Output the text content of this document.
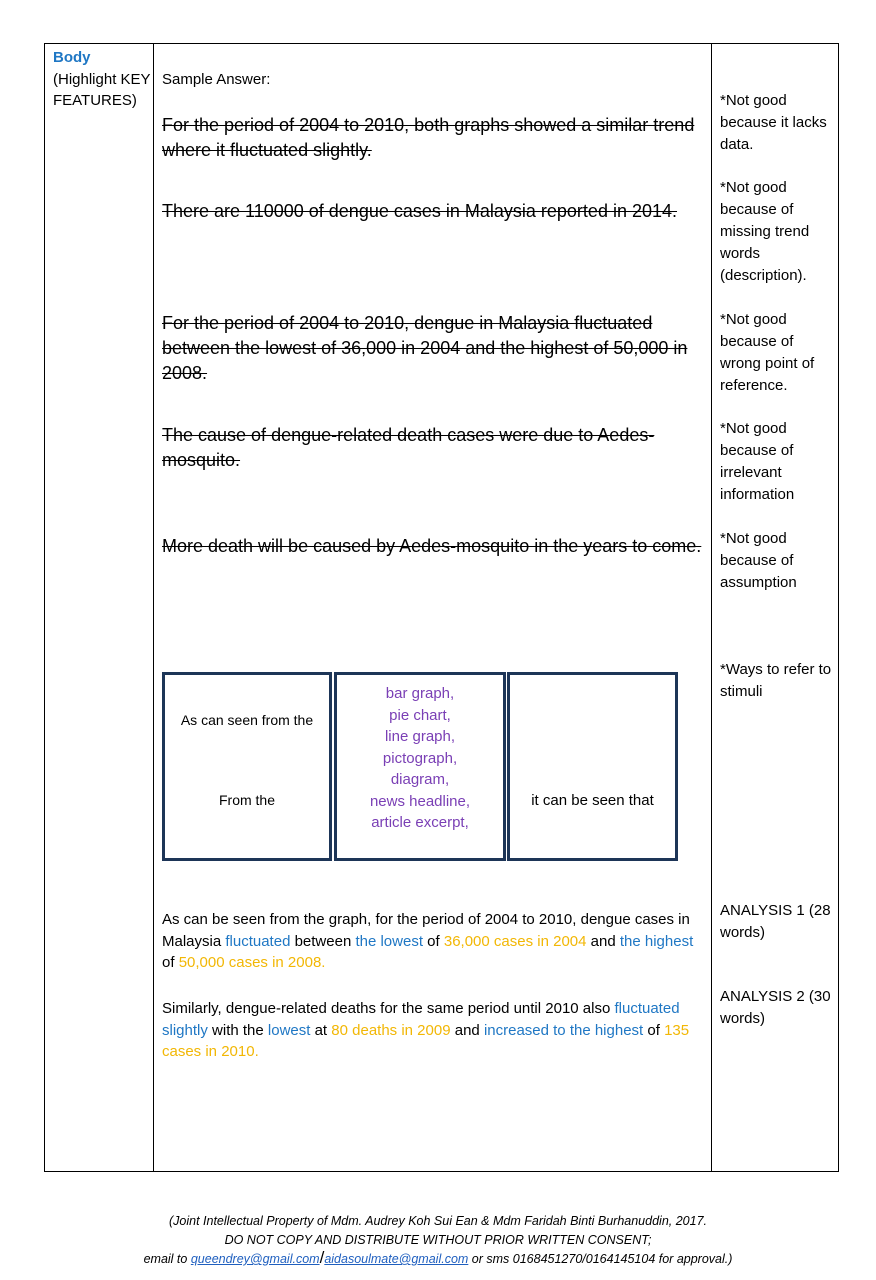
Body
(Highlight KEY FEATURES)
Sample Answer:
For the period of 2004 to 2010, both graphs showed a similar trend where it fluctuated slightly.
There are 110000 of dengue cases in Malaysia reported in 2014.
For the period of 2004 to 2010, dengue in Malaysia fluctuated between the lowest of 36,000 in 2004 and the highest of 50,000 in 2008.
The cause of dengue-related death cases were due to Aedes-mosquito.
More death will be caused by Aedes-mosquito in the years to come.
*Not good because it lacks data.
*Not good because of missing trend words (description).
*Not good because of wrong point of reference.
*Not good because of irrelevant information
*Not good because of assumption
*Ways to refer to stimuli
As can seen from the
From the
bar graph,
pie chart,
line graph,
pictograph,
diagram,
news headline,
article excerpt,
it can be seen that
As can be seen from the graph, for the period of 2004 to 2010, dengue cases in Malaysia fluctuated between the lowest of 36,000 cases in 2004 and the highest of 50,000 cases in 2008.
Similarly, dengue-related deaths for the same period until 2010 also fluctuated slightly with the lowest at 80 deaths in 2009 and increased to the highest of 135 cases in 2010.
ANALYSIS 1 (28 words)
ANALYSIS 2 (30 words)
(Joint Intellectual Property of Mdm. Audrey Koh Sui Ean & Mdm Faridah Binti Burhanuddin, 2017.
DO NOT COPY AND DISTRIBUTE WITHOUT PRIOR WRITTEN CONSENT;
email to queendrey@gmail.com/aidasoulmate@gmail.com or sms 0168451270/0164145104 for approval.)
